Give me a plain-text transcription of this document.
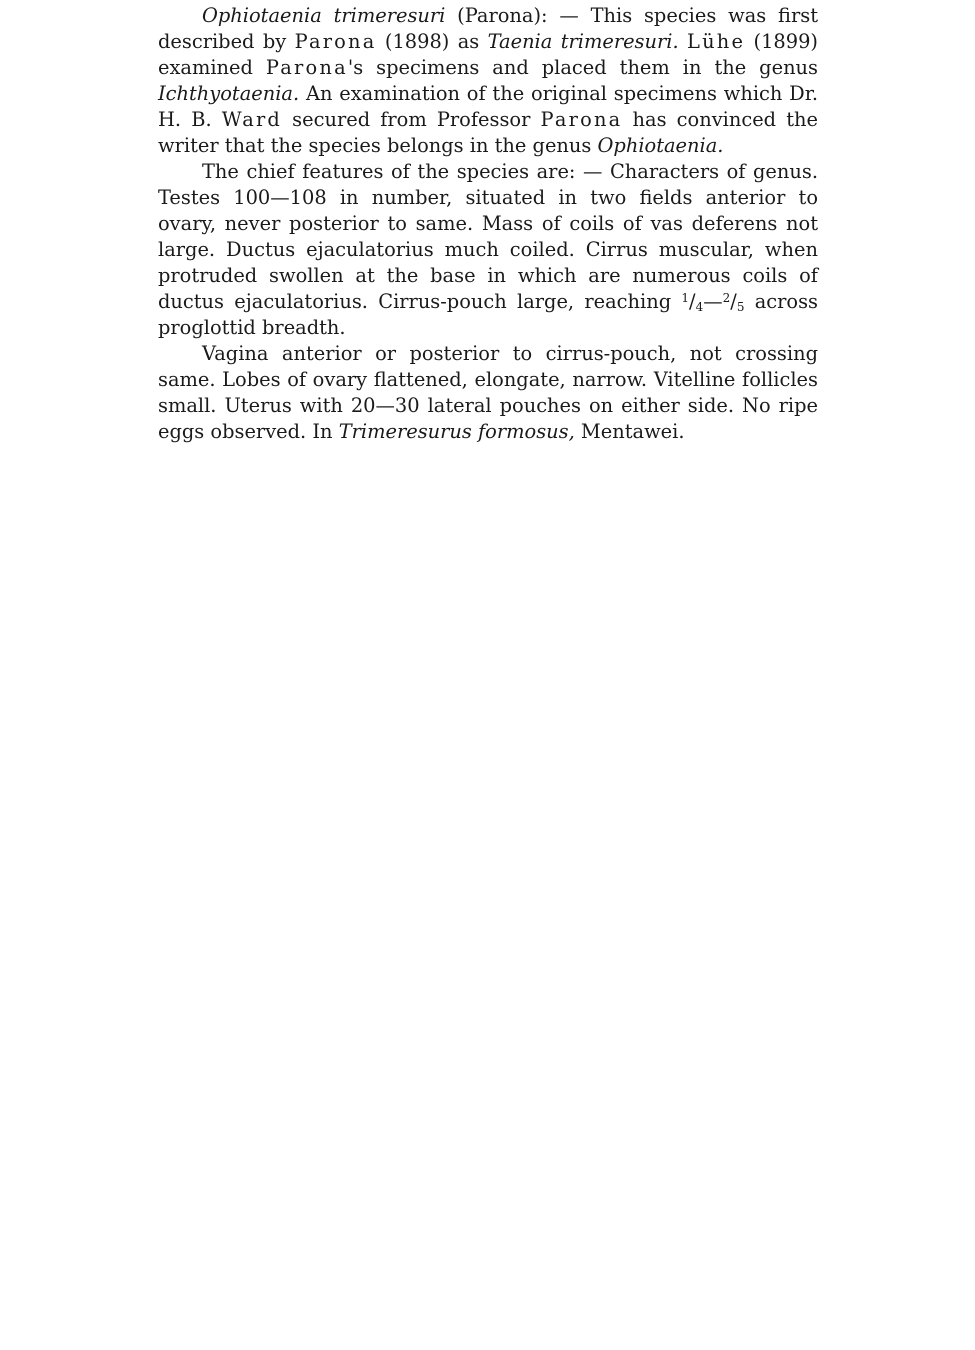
Ophiotaenia trimeresuri (Parona): — This species was first described by Parona (1898) as Taenia trimeresuri. Lühe (1899) examined Parona's specimens and placed them in the genus Ichthyotaenia. An examination of the original specimens which Dr. H. B. Ward secured from Professor Parona has convinced the writer that the species belongs in the genus Ophiotaenia.

The chief features of the species are: — Characters of genus. Testes 100—108 in number, situated in two fields anterior to ovary, never posterior to same. Mass of coils of vas deferens not large. Ductus ejaculatorius much coiled. Cirrus muscular, when protruded swollen at the base in which are numerous coils of ductus ejaculatorius. Cirrus-pouch large, reaching $^1/_4—^2/_5$ across proglottid breadth.

Vagina anterior or posterior to cirrus-pouch, not crossing same. Lobes of ovary flattened, elongate, narrow. Vitelline follicles small. Uterus with 20—30 lateral pouches on either side. No ripe eggs observed. In Trimeresurus formosus, Mentawei.
